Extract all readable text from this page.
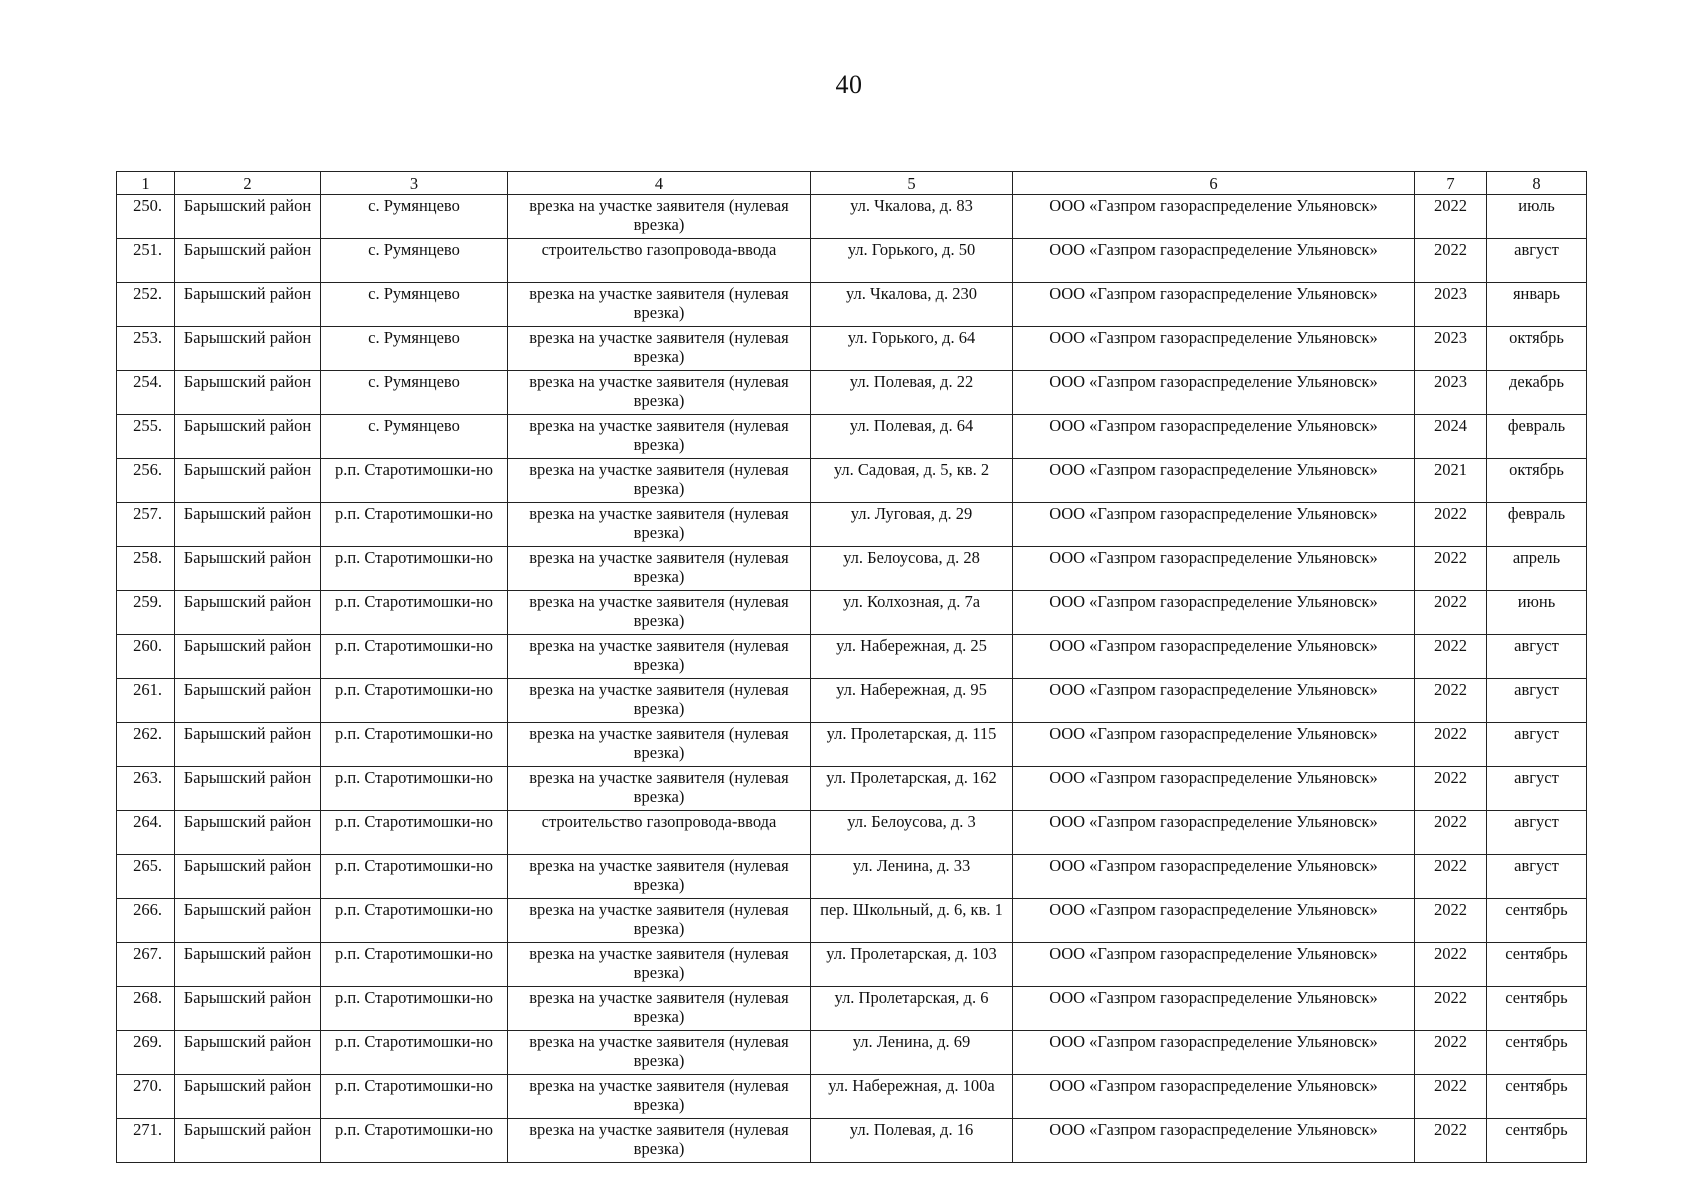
40
1	2	3	4	5	6	7	8
250.	Барышский район	с. Румянцево	врезка на участке заявителя (нулевая врезка)	ул. Чкалова, д. 83	ООО «Газпром газораспределение Ульяновск»	2022	июль
251.	Барышский район	с. Румянцево	строительство газопровода-ввода	ул. Горького, д. 50	ООО «Газпром газораспределение Ульяновск»	2022	август
252.	Барышский район	с. Румянцево	врезка на участке заявителя (нулевая врезка)	ул. Чкалова, д. 230	ООО «Газпром газораспределение Ульяновск»	2023	январь
253.	Барышский район	с. Румянцево	врезка на участке заявителя (нулевая врезка)	ул. Горького, д. 64	ООО «Газпром газораспределение Ульяновск»	2023	октябрь
254.	Барышский район	с. Румянцево	врезка на участке заявителя (нулевая врезка)	ул. Полевая, д. 22	ООО «Газпром газораспределение Ульяновск»	2023	декабрь
255.	Барышский район	с. Румянцево	врезка на участке заявителя (нулевая врезка)	ул. Полевая, д. 64	ООО «Газпром газораспределение Ульяновск»	2024	февраль
256.	Барышский район	р.п. Старотимошки-но	врезка на участке заявителя (нулевая врезка)	ул. Садовая, д. 5, кв. 2	ООО «Газпром газораспределение Ульяновск»	2021	октябрь
257.	Барышский район	р.п. Старотимошки-но	врезка на участке заявителя (нулевая врезка)	ул. Луговая, д. 29	ООО «Газпром газораспределение Ульяновск»	2022	февраль
258.	Барышский район	р.п. Старотимошки-но	врезка на участке заявителя (нулевая врезка)	ул. Белоусова, д. 28	ООО «Газпром газораспределение Ульяновск»	2022	апрель
259.	Барышский район	р.п. Старотимошки-но	врезка на участке заявителя (нулевая врезка)	ул. Колхозная, д. 7а	ООО «Газпром газораспределение Ульяновск»	2022	июнь
260.	Барышский район	р.п. Старотимошки-но	врезка на участке заявителя (нулевая врезка)	ул. Набережная, д. 25	ООО «Газпром газораспределение Ульяновск»	2022	август
261.	Барышский район	р.п. Старотимошки-но	врезка на участке заявителя (нулевая врезка)	ул. Набережная, д. 95	ООО «Газпром газораспределение Ульяновск»	2022	август
262.	Барышский район	р.п. Старотимошки-но	врезка на участке заявителя (нулевая врезка)	ул. Пролетарская, д. 115	ООО «Газпром газораспределение Ульяновск»	2022	август
263.	Барышский район	р.п. Старотимошки-но	врезка на участке заявителя (нулевая врезка)	ул. Пролетарская, д. 162	ООО «Газпром газораспределение Ульяновск»	2022	август
264.	Барышский район	р.п. Старотимошки-но	строительство газопровода-ввода	ул. Белоусова, д. 3	ООО «Газпром газораспределение Ульяновск»	2022	август
265.	Барышский район	р.п. Старотимошки-но	врезка на участке заявителя (нулевая врезка)	ул. Ленина, д. 33	ООО «Газпром газораспределение Ульяновск»	2022	август
266.	Барышский район	р.п. Старотимошки-но	врезка на участке заявителя (нулевая врезка)	пер. Школьный, д. 6, кв. 1	ООО «Газпром газораспределение Ульяновск»	2022	сентябрь
267.	Барышский район	р.п. Старотимошки-но	врезка на участке заявителя (нулевая врезка)	ул. Пролетарская, д. 103	ООО «Газпром газораспределение Ульяновск»	2022	сентябрь
268.	Барышский район	р.п. Старотимошки-но	врезка на участке заявителя (нулевая врезка)	ул. Пролетарская, д. 6	ООО «Газпром газораспределение Ульяновск»	2022	сентябрь
269.	Барышский район	р.п. Старотимошки-но	врезка на участке заявителя (нулевая врезка)	ул. Ленина, д. 69	ООО «Газпром газораспределение Ульяновск»	2022	сентябрь
270.	Барышский район	р.п. Старотимошки-но	врезка на участке заявителя (нулевая врезка)	ул. Набережная, д. 100а	ООО «Газпром газораспределение Ульяновск»	2022	сентябрь
271.	Барышский район	р.п. Старотимошки-но	врезка на участке заявителя (нулевая врезка)	ул. Полевая, д. 16	ООО «Газпром газораспределение Ульяновск»	2022	сентябрь
